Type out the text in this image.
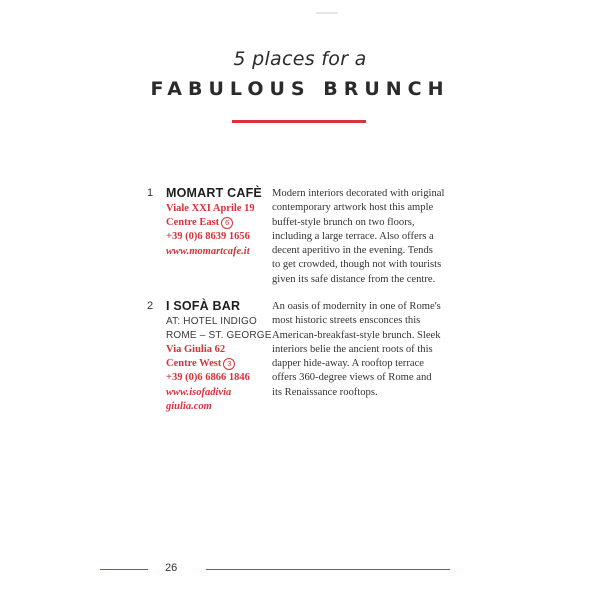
5 places for a
FABULOUS BRUNCH
1 MOMART CAFÈ
Viale XXI Aprile 19
Centre East 6
+39 (0)6 8639 1656
www.momartcafe.it
Modern interiors decorated with original
contemporary artwork host this ample
buffet-style brunch on two floors,
including a large terrace. Also offers a
decent aperitivo in the evening. Tends
to get crowded, though not with tourists
given its safe distance from the centre.
2 I SOFÀ BAR
AT: HOTEL INDIGO
ROME – ST. GEORGE
Via Giulia 62
Centre West 3
+39 (0)6 6866 1846
www.isofadivia
giulia.com
An oasis of modernity in one of Rome's
most historic streets ensconces this
American-breakfast-style brunch. Sleek
interiors belie the ancient roots of this
dapper hide-away. A rooftop terrace
offers 360-degree views of Rome and
its Renaissance rooftops.
26
